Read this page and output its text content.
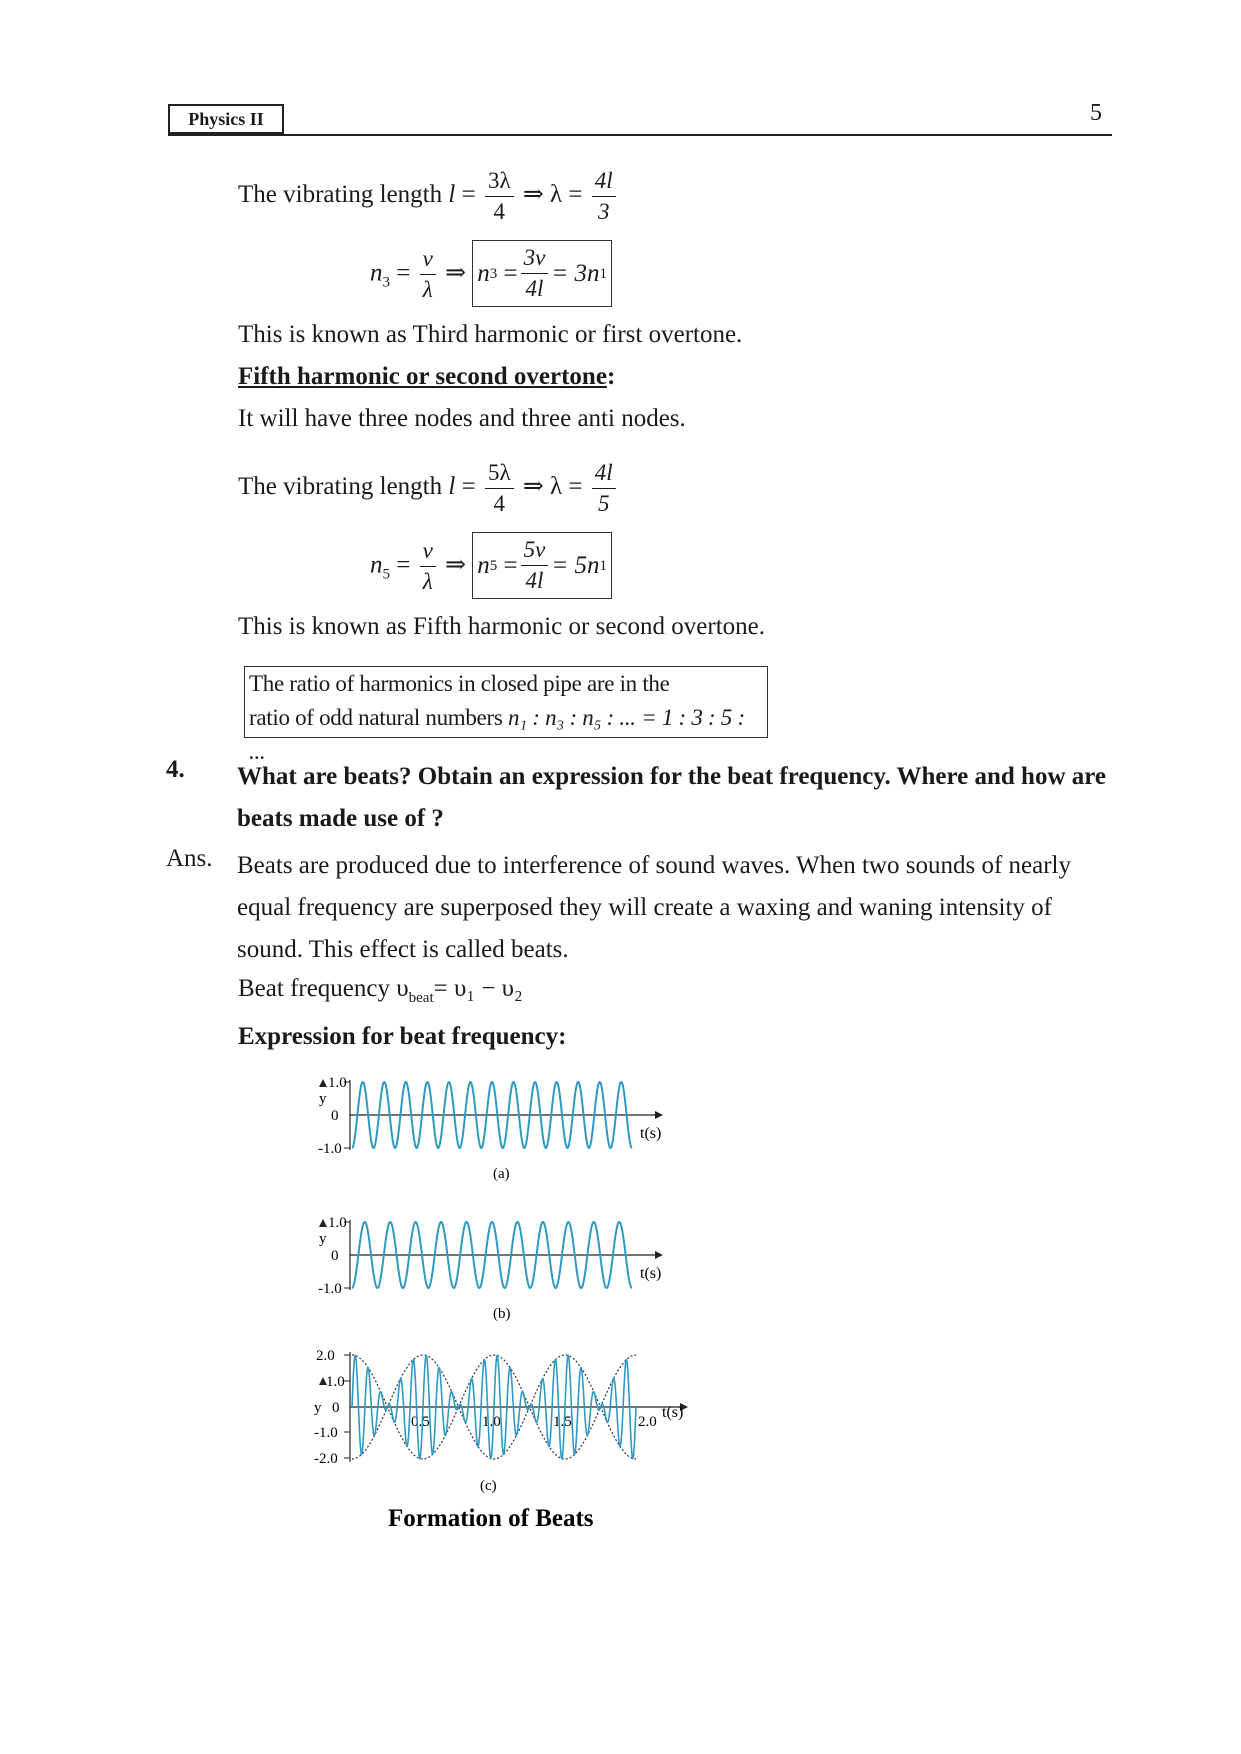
Physics II	5
The vibrating length $l = \frac{3\lambda}{4}$ ⇒ $\lambda = \frac{4l}{3}$
$n_3 = \frac{v}{\lambda}$ ⇒ n $3 = \frac{3v}{4l} = 3n$ 1
This is known as Third harmonic or first overtone.
Fifth harmonic or second overtone:
It will have three nodes and three anti nodes.
The vibrating length $l = \frac{5\lambda}{4}$ ⇒ $\lambda = \frac{4l}{5}$
$n_5 = \frac{v}{\lambda}$ ⇒ n $5 = \frac{5v}{4l} = 5n$ 1
This is known as Fifth harmonic or second overtone.
The ratio of harmonics in closed pipe are in the
ratio of odd natural numbers n₁ : n₃ : n₅ : ... = 1 : 3 : 5 : ...
4. What are beats? Obtain an expression for the beat frequency. Where and how are beats made use of ?
Ans. Beats are produced due to interference of sound waves. When two sounds of nearly
equal frequency are superposed they will create a waxing and waning intensity of
sound. This effect is called beats.
Beat frequency $\upsilon_{beat}= \upsilon_1 - \upsilon_2$
Expression for beat frequency:
1.0
y
0
-1.0
t(s)
(a)
1.0
y
0
-1.0
t(s)
(b)
2.0
1.0
y 0
-1.0
-2.0
0.5	1.0	1.5	2.0
t(s)
(c)
Formation of Beats
